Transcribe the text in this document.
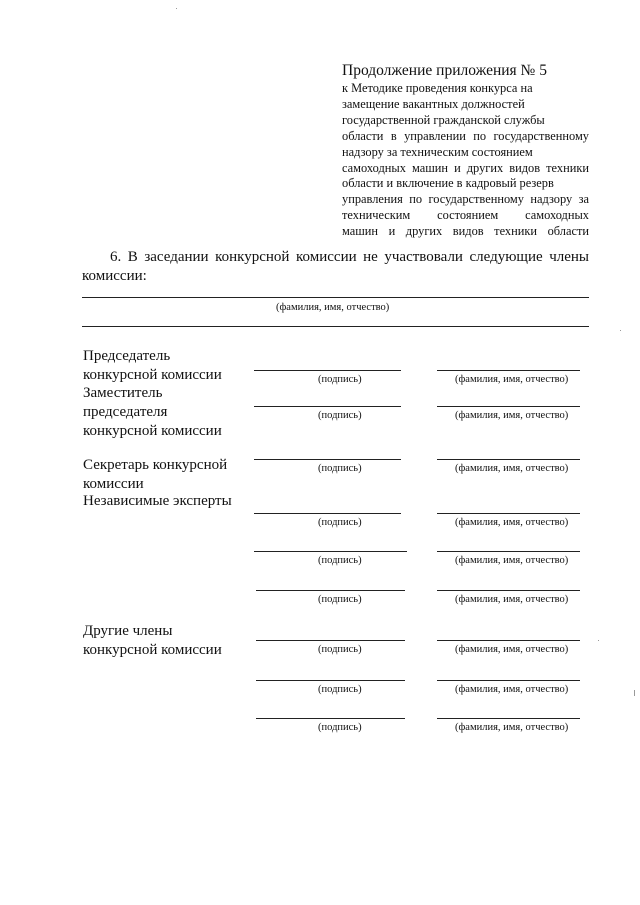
Продолжение приложения № 5
к Методике проведения конкурса на
замещение вакантных должностей
государственной гражданской службы
области в управлении по государственному
надзору за техническим состоянием
самоходных машин и других видов техники
области и включение в кадровый резерв
управления по государственному надзору за
техническим состоянием самоходных
машин и других видов техники области
6. В заседании конкурсной комиссии не участвовали следующие члены комиссии:
(фамилия, имя, отчество)
Председатель
конкурсной комиссии	(подпись)	(фамилия, имя, отчество)
Заместитель
председателя
конкурсной комиссии
(подпись)	(фамилия, имя, отчество)
Секретарь конкурсной
комиссии
(подпись)	(фамилия, имя, отчество)
Независимые эксперты
(подпись)	(фамилия, имя, отчество)
(подпись)	(фамилия, имя, отчество)
(подпись)	(фамилия, имя, отчество)
Другие члены
конкурсной комиссии	(подпись)	(фамилия, имя, отчество)
(подпись)	(фамилия, имя, отчество)
(подпись)	(фамилия, имя, отчество)
